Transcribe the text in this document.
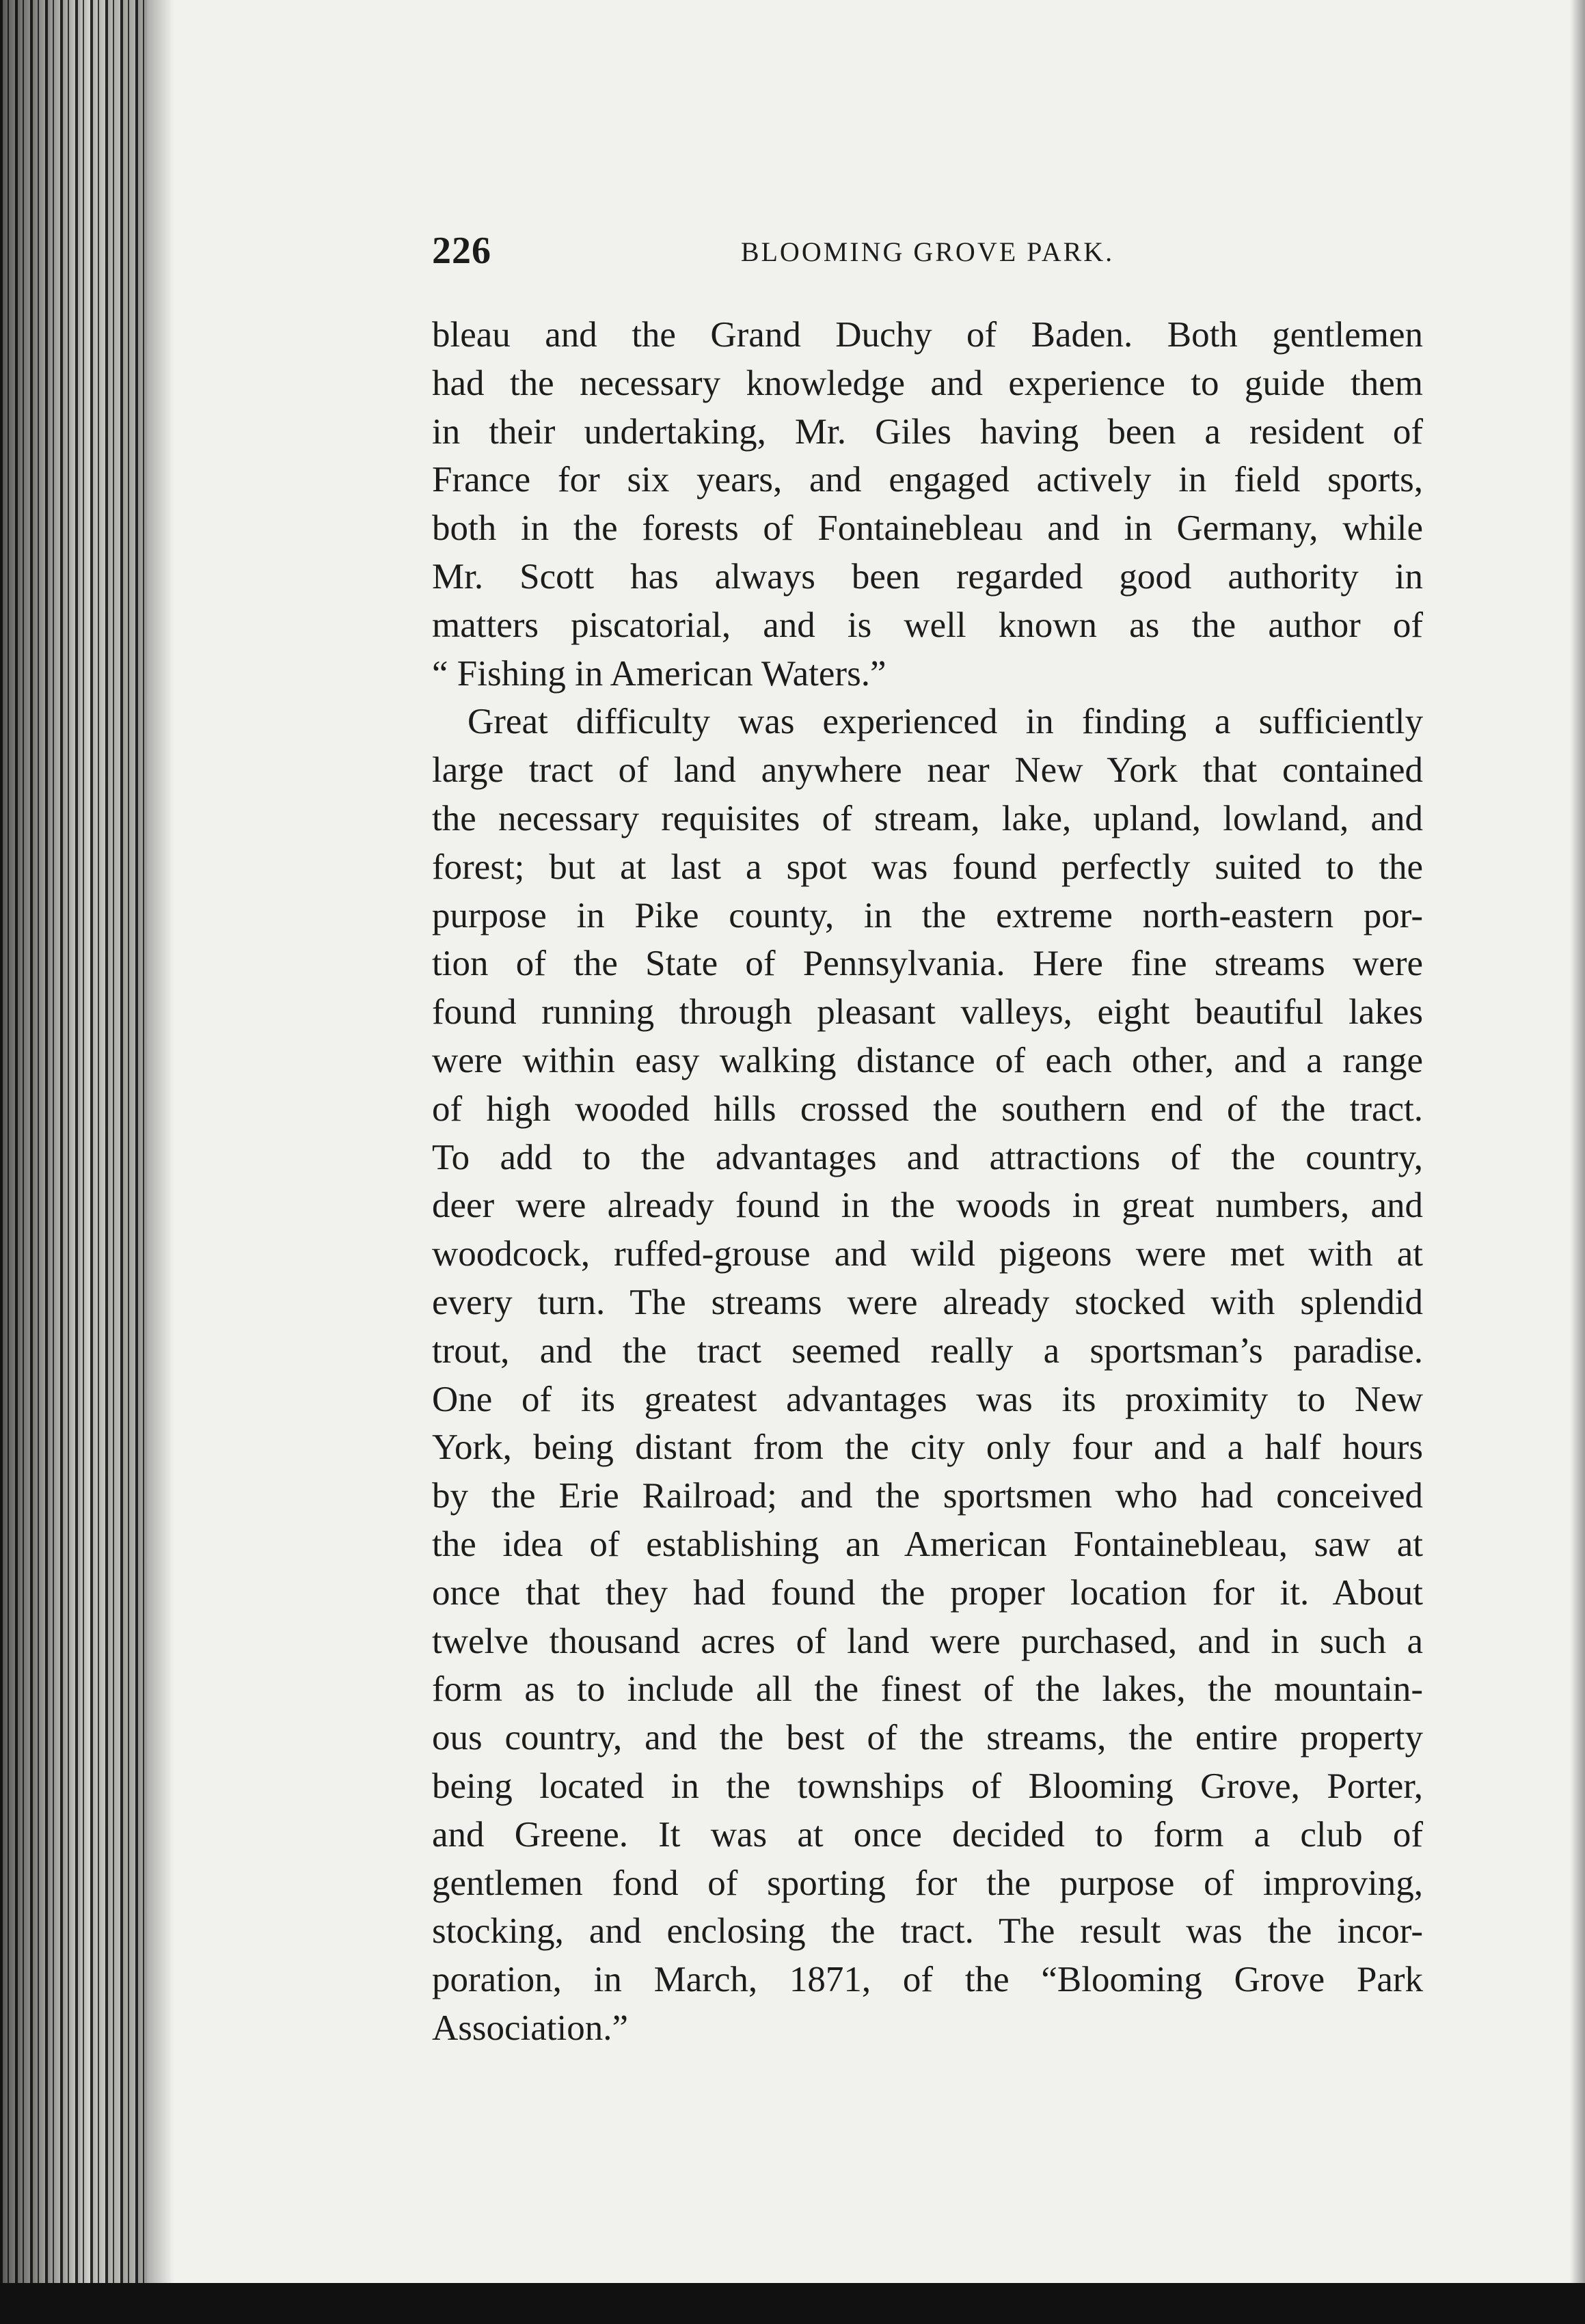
226	BLOOMING GROVE PARK.
bleau and the Grand Duchy of Baden. Both gentlemen
had the necessary knowledge and experience to guide them
in their undertaking, Mr. Giles having been a resident of
France for six years, and engaged actively in field sports,
both in the forests of Fontainebleau and in Germany, while
Mr. Scott has always been regarded good authority in
matters piscatorial, and is well known as the author of
“ Fishing in American Waters.”
Great difficulty was experienced in finding a sufficiently
large tract of land anywhere near New York that contained
the necessary requisites of stream, lake, upland, lowland, and
forest; but at last a spot was found perfectly suited to the
purpose in Pike county, in the extreme north-eastern por-
tion of the State of Pennsylvania. Here fine streams were
found running through pleasant valleys, eight beautiful lakes
were within easy walking distance of each other, and a range
of high wooded hills crossed the southern end of the tract.
To add to the advantages and attractions of the country,
deer were already found in the woods in great numbers, and
woodcock, ruffed-grouse and wild pigeons were met with at
every turn. The streams were already stocked with splendid
trout, and the tract seemed really a sportsman’s paradise.
One of its greatest advantages was its proximity to New
York, being distant from the city only four and a half hours
by the Erie Railroad; and the sportsmen who had conceived
the idea of establishing an American Fontainebleau, saw at
once that they had found the proper location for it. About
twelve thousand acres of land were purchased, and in such a
form as to include all the finest of the lakes, the mountain-
ous country, and the best of the streams, the entire property
being located in the townships of Blooming Grove, Porter,
and Greene. It was at once decided to form a club of
gentlemen fond of sporting for the purpose of improving,
stocking, and enclosing the tract. The result was the incor-
poration, in March, 1871, of the “Blooming Grove Park
Association.”
